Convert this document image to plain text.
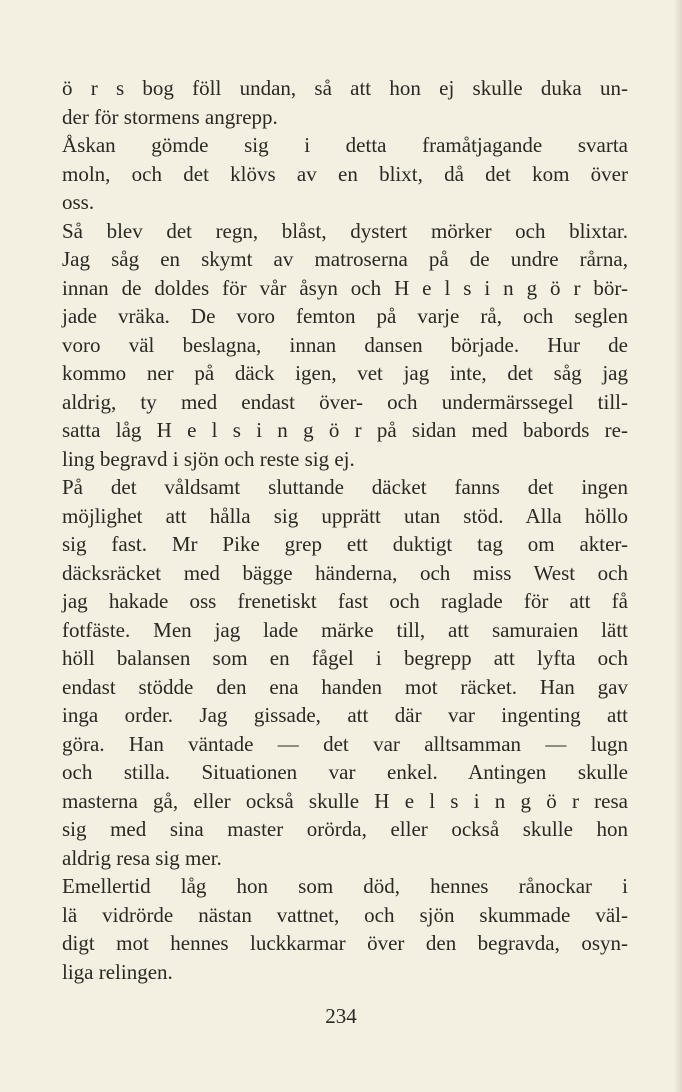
ö r s bog föll undan, så att hon ej skulle duka un-
der för stormens angrepp.
Åskan gömde sig i detta framåtjagande svarta
moln, och det klövs av en blixt, då det kom över
oss.
Så blev det regn, blåst, dystert mörker och blixtar.
Jag såg en skymt av matroserna på de undre rårna,
innan de doldes för vår åsyn och H e l s i n g ö r bör-
jade vräka. De voro femton på varje rå, och seglen
voro väl beslagna, innan dansen började. Hur de
kommo ner på däck igen, vet jag inte, det såg jag
aldrig, ty med endast över- och undermärssegel till-
satta låg H e l s i n g ö r på sidan med babords re-
ling begravd i sjön och reste sig ej.
På det våldsamt sluttande däcket fanns det ingen
möjlighet att hålla sig upprätt utan stöd. Alla höllo
sig fast. Mr Pike grep ett duktigt tag om akter-
däcksräcket med bägge händerna, och miss West och
jag hakade oss frenetiskt fast och raglade för att få
fotfäste. Men jag lade märke till, att samuraien lätt
höll balansen som en fågel i begrepp att lyfta och
endast stödde den ena handen mot räcket. Han gav
inga order. Jag gissade, att där var ingenting att
göra. Han väntade — det var alltsamman — lugn
och stilla. Situationen var enkel. Antingen skulle
masterna gå, eller också skulle H e l s i n g ö r resa
sig med sina master orörda, eller också skulle hon
aldrig resa sig mer.
Emellertid låg hon som död, hennes rånockar i
lä vidrörde nästan vattnet, och sjön skummade väl-
digt mot hennes luckkarmar över den begravda, osyn-
liga relingen.
234
